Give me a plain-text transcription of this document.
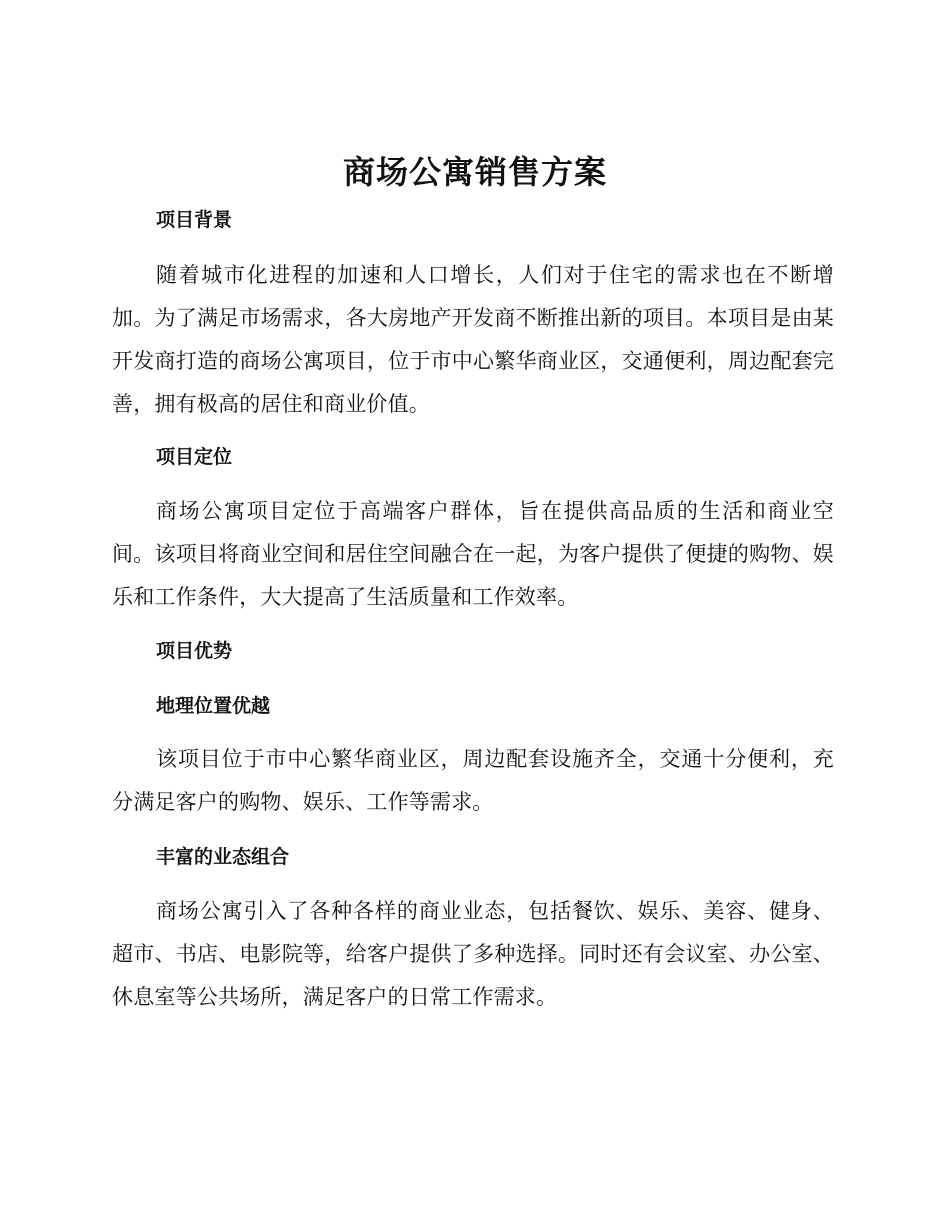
商场公寓销售方案
项目背景

随着城市化进程的加速和人口增长，人们对于住宅的需求也在不断增加。为了满足市场需求，各大房地产开发商不断推出新的项目。本项目是由某开发商打造的商场公寓项目，位于市中心繁华商业区，交通便利，周边配套完善，拥有极高的居住和商业价值。

项目定位

商场公寓项目定位于高端客户群体，旨在提供高品质的生活和商业空间。该项目将商业空间和居住空间融合在一起，为客户提供了便捷的购物、娱乐和工作条件，大大提高了生活质量和工作效率。

项目优势
地理位置优越

该项目位于市中心繁华商业区，周边配套设施齐全，交通十分便利，充分满足客户的购物、娱乐、工作等需求。

丰富的业态组合

商场公寓引入了各种各样的商业业态，包括餐饮、娱乐、美容、健身、超市、书店、电影院等，给客户提供了多种选择。同时还有会议室、办公室、休息室等公共场所，满足客户的日常工作需求。
